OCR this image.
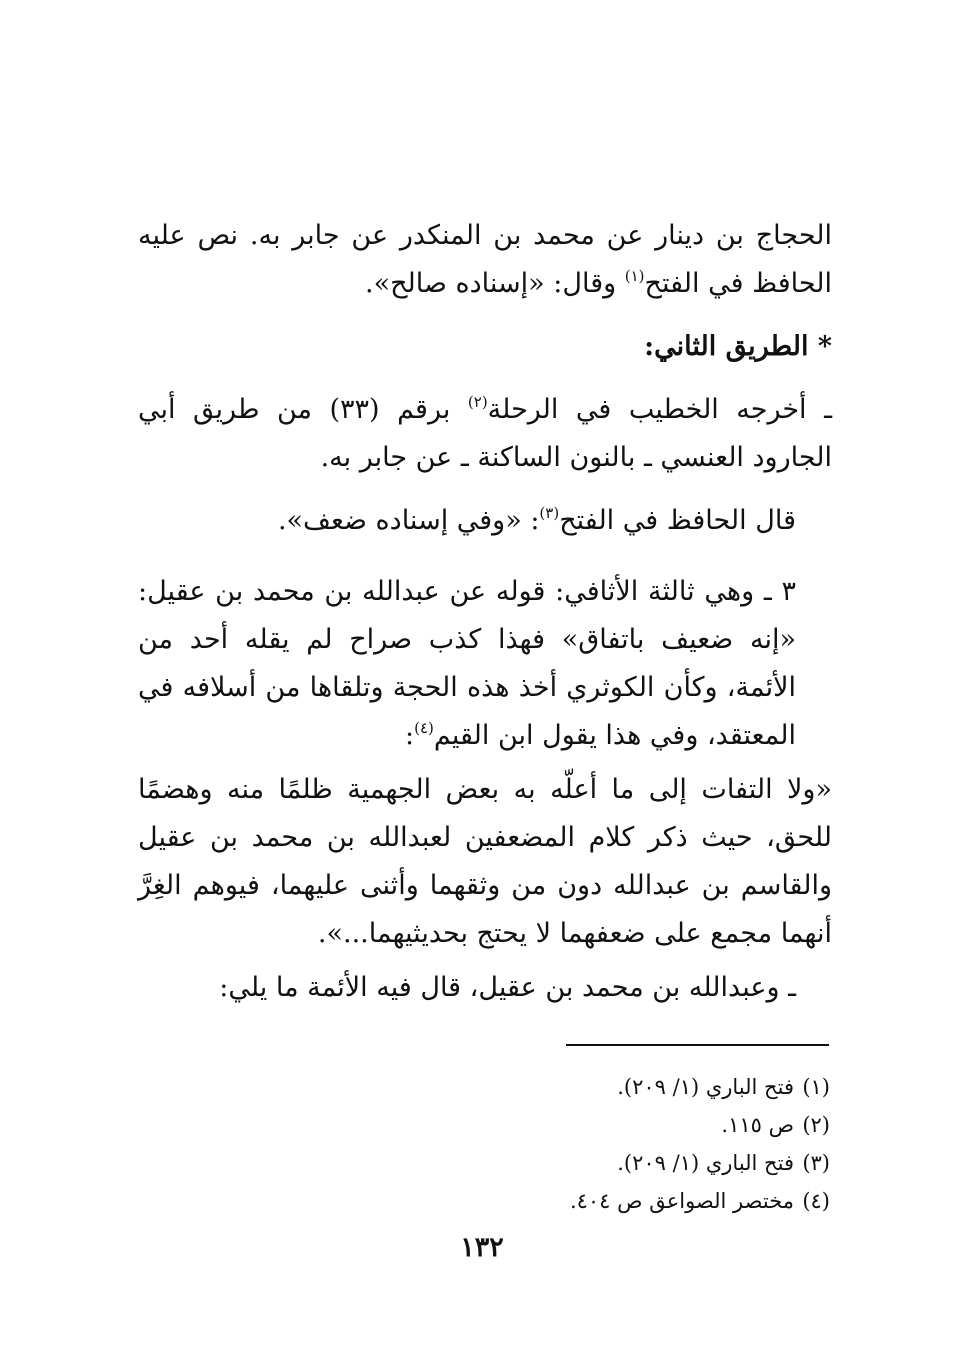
الحجاج بن دينار عن محمد بن المنكدر عن جابر به. نص عليه الحافظ في الفتح$^{(١)}$ وقال: «إسناده صالح».
* الطريق الثاني:
ـ أخرجه الخطيب في الرحلة$^{(٢)}$ برقم (٣٣) من طريق أبي الجارود العنسي ـ بالنون الساكنة ـ عن جابر به.
قال الحافظ في الفتح$^{(٣)}$: «وفي إسناده ضعف».
٣ ـ وهي ثالثة الأثافي: قوله عن عبدالله بن محمد بن عقيل: «إنه ضعيف باتفاق» فهذا كذب صراح لم يقله أحد من الأئمة، وكأن الكوثري أخذ هذه الحجة وتلقاها من أسلافه في المعتقد، وفي هذا يقول ابن القيم$^{(٤)}$:
«ولا التفات إلى ما أعلّه به بعض الجهمية ظلمًا منه وهضمًا للحق، حيث ذكر كلام المضعفين لعبدالله بن محمد بن عقيل والقاسم بن عبدالله دون من وثقهما وأثنى عليهما، فيوهم الغِرَّ أنهما مجمع على ضعفهما لا يحتج بحديثيهما...».
ـ وعبدالله بن محمد بن عقيل، قال فيه الأئمة ما يلي:
(١)فتح الباري (١/ ٢٠٩).
(٢)ص ١١٥.
(٣)فتح الباري (١/ ٢٠٩).
(٤)مختصر الصواعق ص ٤٠٤.
١٣٢
